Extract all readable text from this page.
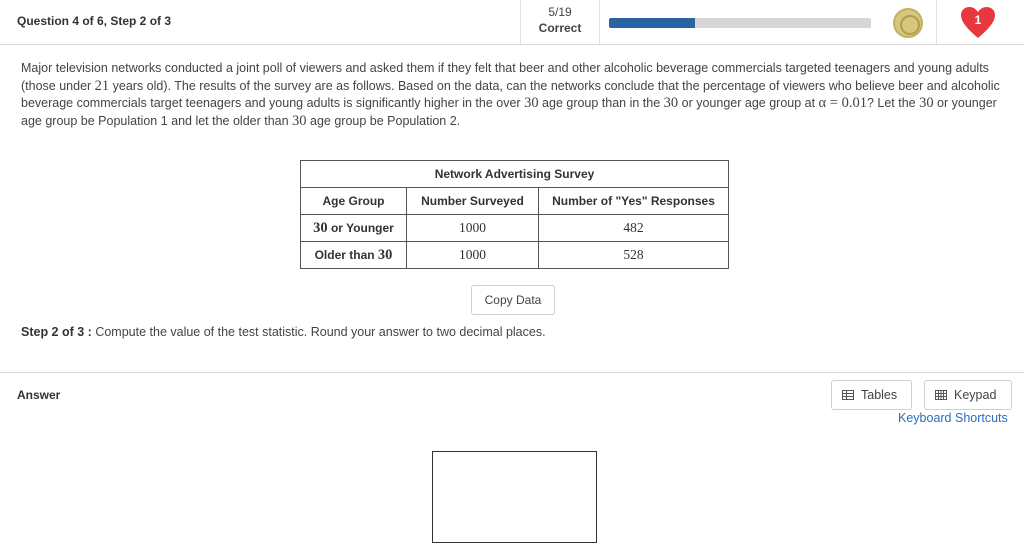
Question 4 of 6, Step 2 of 3
5/19
Correct
1
Major television networks conducted a joint poll of viewers and asked them if they felt that beer and other alcoholic beverage commercials targeted teenagers and young adults (those under 21 years old). The results of the survey are as follows. Based on the data, can the networks conclude that the percentage of viewers who believe beer and alcoholic beverage commercials target teenagers and young adults is significantly higher in the over 30 age group than in the 30 or younger age group at α = 0.01? Let the 30 or younger age group be Population 1 and let the older than 30 age group be Population 2.
Network Advertising Survey		
Age Group	Number Surveyed	Number of "Yes" Responses
30 or Younger	1000	482
Older than 30	1000	528
Copy Data
Step 2 of 3 : Compute the value of the test statistic. Round your answer to two decimal places.
Answer	Tables	Keypad
Keyboard Shortcuts
